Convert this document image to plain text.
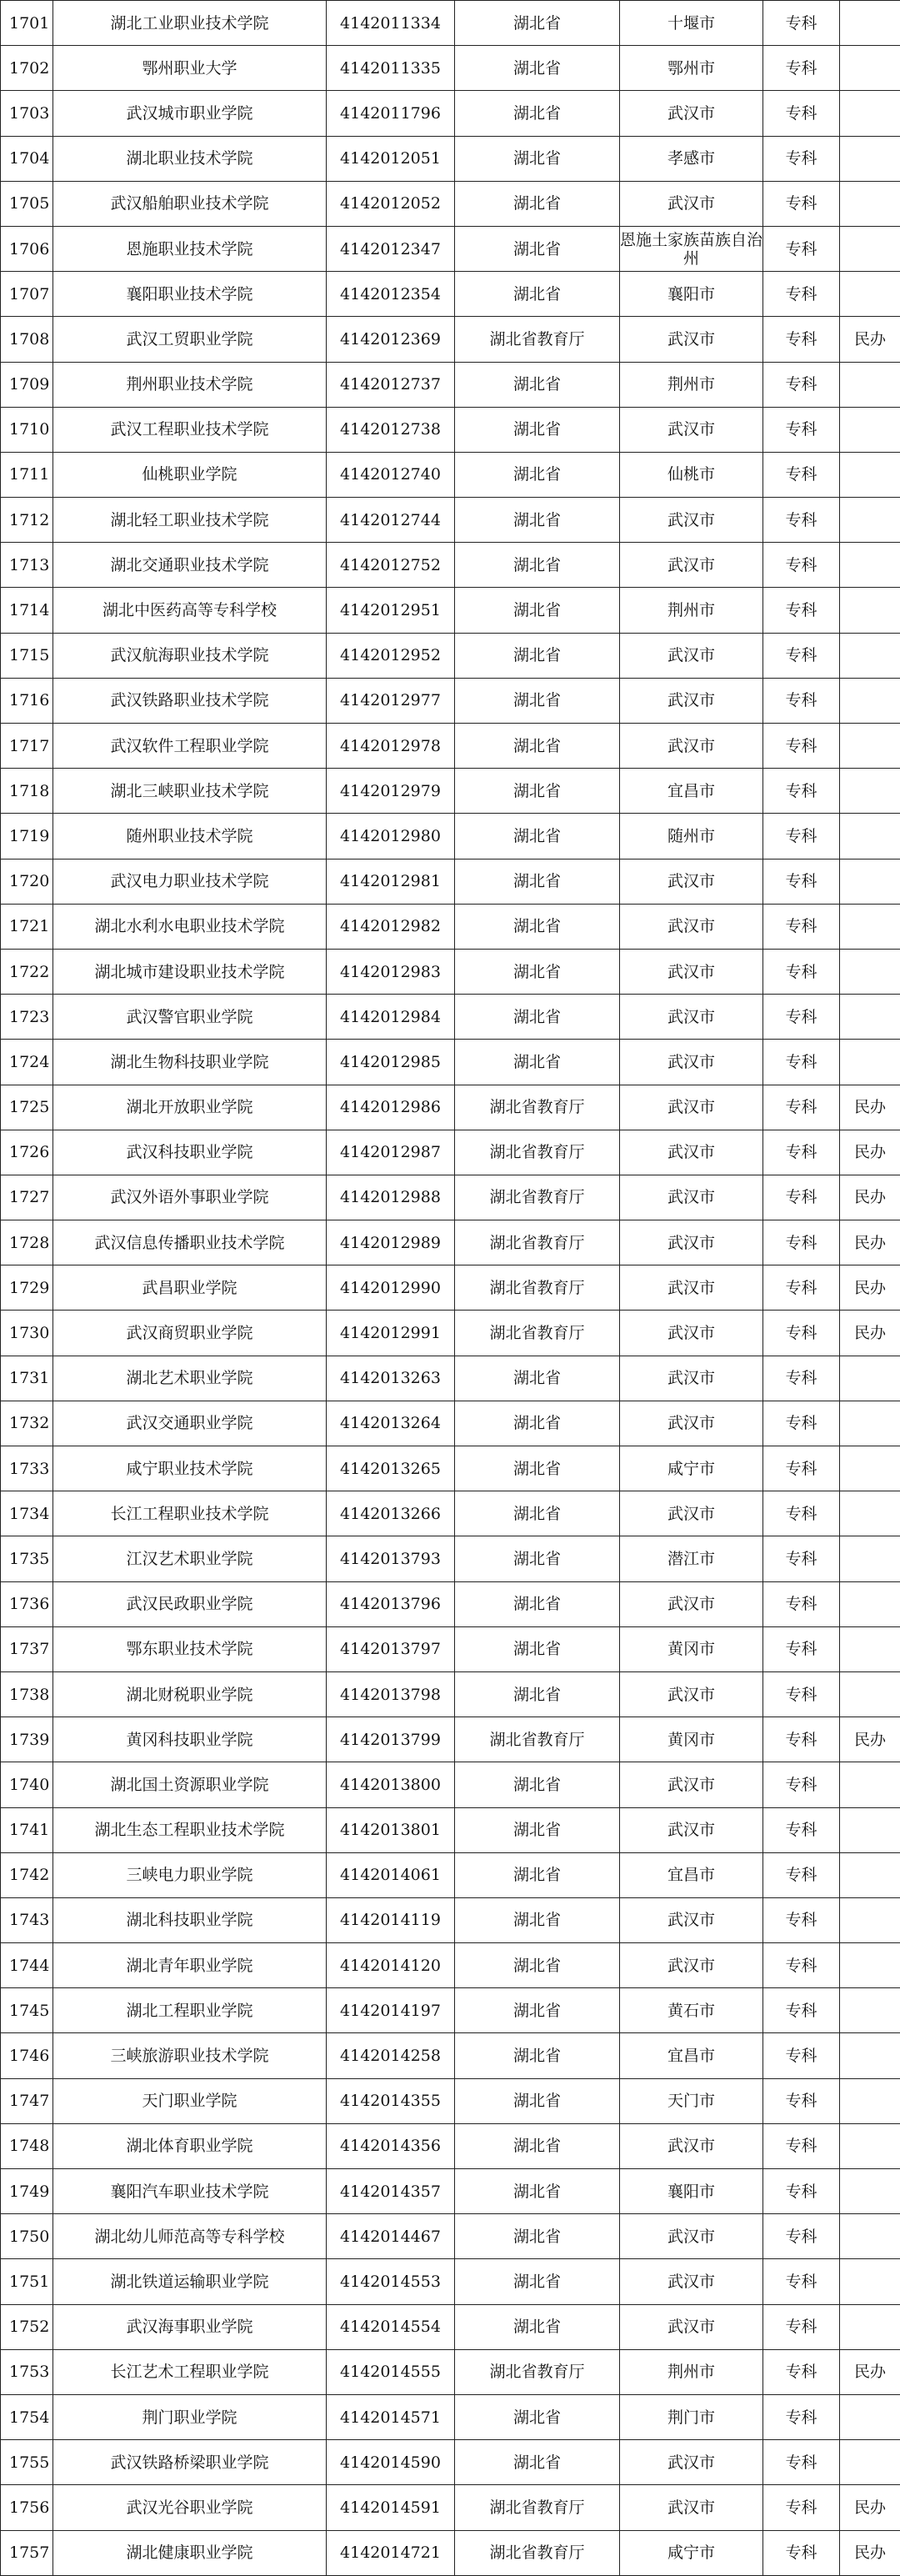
1701	湖北工业职业技术学院	4142011334	湖北省	十堰市	专科	
1702	鄂州职业大学	4142011335	湖北省	鄂州市	专科	
1703	武汉城市职业学院	4142011796	湖北省	武汉市	专科	
1704	湖北职业技术学院	4142012051	湖北省	孝感市	专科	
1705	武汉船舶职业技术学院	4142012052	湖北省	武汉市	专科	
1706	恩施职业技术学院	4142012347	湖北省	恩施土家族苗族自治州	专科	
1707	襄阳职业技术学院	4142012354	湖北省	襄阳市	专科	
1708	武汉工贸职业学院	4142012369	湖北省教育厅	武汉市	专科	民办
1709	荆州职业技术学院	4142012737	湖北省	荆州市	专科	
1710	武汉工程职业技术学院	4142012738	湖北省	武汉市	专科	
1711	仙桃职业学院	4142012740	湖北省	仙桃市	专科	
1712	湖北轻工职业技术学院	4142012744	湖北省	武汉市	专科	
1713	湖北交通职业技术学院	4142012752	湖北省	武汉市	专科	
1714	湖北中医药高等专科学校	4142012951	湖北省	荆州市	专科	
1715	武汉航海职业技术学院	4142012952	湖北省	武汉市	专科	
1716	武汉铁路职业技术学院	4142012977	湖北省	武汉市	专科	
1717	武汉软件工程职业学院	4142012978	湖北省	武汉市	专科	
1718	湖北三峡职业技术学院	4142012979	湖北省	宜昌市	专科	
1719	随州职业技术学院	4142012980	湖北省	随州市	专科	
1720	武汉电力职业技术学院	4142012981	湖北省	武汉市	专科	
1721	湖北水利水电职业技术学院	4142012982	湖北省	武汉市	专科	
1722	湖北城市建设职业技术学院	4142012983	湖北省	武汉市	专科	
1723	武汉警官职业学院	4142012984	湖北省	武汉市	专科	
1724	湖北生物科技职业学院	4142012985	湖北省	武汉市	专科	
1725	湖北开放职业学院	4142012986	湖北省教育厅	武汉市	专科	民办
1726	武汉科技职业学院	4142012987	湖北省教育厅	武汉市	专科	民办
1727	武汉外语外事职业学院	4142012988	湖北省教育厅	武汉市	专科	民办
1728	武汉信息传播职业技术学院	4142012989	湖北省教育厅	武汉市	专科	民办
1729	武昌职业学院	4142012990	湖北省教育厅	武汉市	专科	民办
1730	武汉商贸职业学院	4142012991	湖北省教育厅	武汉市	专科	民办
1731	湖北艺术职业学院	4142013263	湖北省	武汉市	专科	
1732	武汉交通职业学院	4142013264	湖北省	武汉市	专科	
1733	咸宁职业技术学院	4142013265	湖北省	咸宁市	专科	
1734	长江工程职业技术学院	4142013266	湖北省	武汉市	专科	
1735	江汉艺术职业学院	4142013793	湖北省	潜江市	专科	
1736	武汉民政职业学院	4142013796	湖北省	武汉市	专科	
1737	鄂东职业技术学院	4142013797	湖北省	黄冈市	专科	
1738	湖北财税职业学院	4142013798	湖北省	武汉市	专科	
1739	黄冈科技职业学院	4142013799	湖北省教育厅	黄冈市	专科	民办
1740	湖北国土资源职业学院	4142013800	湖北省	武汉市	专科	
1741	湖北生态工程职业技术学院	4142013801	湖北省	武汉市	专科	
1742	三峡电力职业学院	4142014061	湖北省	宜昌市	专科	
1743	湖北科技职业学院	4142014119	湖北省	武汉市	专科	
1744	湖北青年职业学院	4142014120	湖北省	武汉市	专科	
1745	湖北工程职业学院	4142014197	湖北省	黄石市	专科	
1746	三峡旅游职业技术学院	4142014258	湖北省	宜昌市	专科	
1747	天门职业学院	4142014355	湖北省	天门市	专科	
1748	湖北体育职业学院	4142014356	湖北省	武汉市	专科	
1749	襄阳汽车职业技术学院	4142014357	湖北省	襄阳市	专科	
1750	湖北幼儿师范高等专科学校	4142014467	湖北省	武汉市	专科	
1751	湖北铁道运输职业学院	4142014553	湖北省	武汉市	专科	
1752	武汉海事职业学院	4142014554	湖北省	武汉市	专科	
1753	长江艺术工程职业学院	4142014555	湖北省教育厅	荆州市	专科	民办
1754	荆门职业学院	4142014571	湖北省	荆门市	专科	
1755	武汉铁路桥梁职业学院	4142014590	湖北省	武汉市	专科	
1756	武汉光谷职业学院	4142014591	湖北省教育厅	武汉市	专科	民办
1757	湖北健康职业学院	4142014721	湖北省教育厅	咸宁市	专科	民办
